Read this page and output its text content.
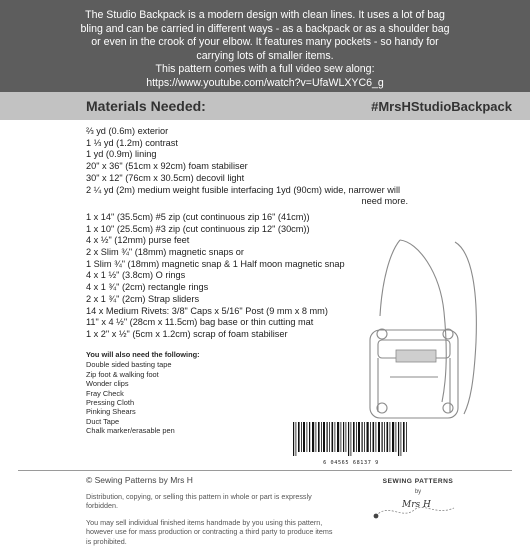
The Studio Backpack is a modern design with clean lines. It uses a lot of bag

bling and can be carried in different ways - as a backpack or as a shoulder bag

or even in the crook of your elbow. It features many pockets - so handy for

carrying lots of smaller items.

This pattern comes with a full video sew along:

https://www.youtube.com/watch?v=UfaWLXYC6_g

Materials Needed:	#MrsHStudioBackpack
⅔ yd (0.6m) exterior
1 ⅓ yd (1.2m) contrast
1 yd (0.9m) lining
20" x 36" (51cm x 92cm) foam stabiliser
30" x 12" (76cm x 30.5cm) decovil light
2 ¼ yd (2m) medium weight fusible interfacing 1yd (90cm) wide, narrower will
need more.
1 x 14" (35.5cm) #5 zip (cut continuous zip 16" (41cm))
1 x 10" (25.5cm) #3 zip (cut continuous zip 12" (30cm))
4 x ½" (12mm) purse feet
2 x Slim ¾" (18mm) magnetic snaps or
1 Slim ¾" (18mm) magnetic snap & 1 Half moon magnetic snap
4 x 1 ½" (3.8cm) O rings
4 x 1 ¾" (2cm) rectangle rings
2 x 1 ¾" (2cm) Strap sliders
14 x Medium Rivets: 3/8" Caps x 5/16" Post (9 mm x 8 mm)
11" x 4 ½" (28cm x 11.5cm) bag base or thin cutting mat
1 x 2" x ½" (5cm x 1.2cm) scrap of foam stabiliser
6 04565 68137 9
You will also need the following:
Double sided basting tape
Zip foot & walking foot
Wonder clips
Fray Check
Pressing Cloth
Pinking Shears
Duct Tape
Chalk marker/erasable pen
© Sewing Patterns by Mrs H
Distribution, copying, or selling this pattern in whole or part is expressly forbidden.
You may sell individual finished items handmade by you using this pattern, however use for mass production or contracting a third party to produce items is prohibited.
SEWING PATTERNS
by
Mrs H
